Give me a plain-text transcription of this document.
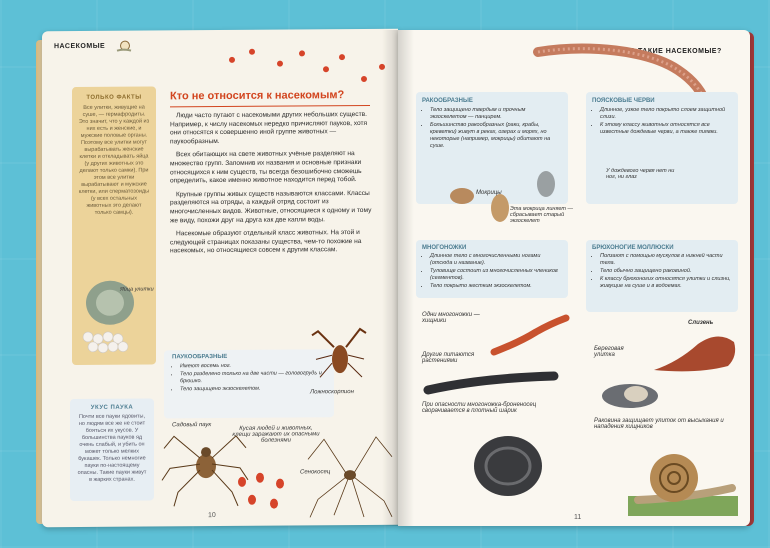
НАСЕКОМЫЕ
Кто не относится к насекомым?

Люди часто путают с насекомыми других небольших существ. Например, к числу насекомых нередко причисляют пауков, хотя они относятся к совершенно иной группе животных — паукообразным.

Всех обитающих на свете животных учёные разделяют на множество групп. Запомнив их названия и основные признаки относящихся к ним существ, ты всегда безошибочно сможешь определить, какое именно животное находится перед тобой.

Крупные группы живых существ называются классами. Классы разделяются на отряды, а каждый отряд состоит из многочисленных видов. Животные, относящиеся к одному и тому же виду, похожи друг на друга как две капли воды.

Насекомые образуют отдельный класс животных. На этой и следующей страницах показаны существа, чем-то похожие на насекомых, но относящиеся совсем к другим классам.

ТОЛЬКО ФАКТЫ
Все улитки, живущие на суше, — гермафродиты. Это значит, что у каждой из них есть и женские, и мужские половые органы. Поэтому все улитки могут вырабатывать женские клетки и откладывать яйца (у других животных это делают только самки). При этом все улитки вырабатывают и мужские клетки, или сперматозоиды (у всех остальных животных это делают только самцы).
Яйца улитки
УКУС ПАУКА
Почти все пауки ядовиты, но людям все же не стоит бояться их укусов. У большинства пауков яд очень слабый, и убить он может только мелких букашек. Только немногие пауки по-настоящему опасны. Такие пауки живут в жарких странах.
ПАУКООБРАЗНЫЕ
• Имеют восемь ног.
• Тело разделено только на две части — головогрудь и брюшко.
• Тело защищено экзоскелетом.	Ложноскорпион
Садовый паук
Кусая людей и животных, клещи заражают их опасными болезнями
Сенокосец
10
КТО ТАКИЕ НАСЕКОМЫЕ?
РАКООБРАЗНЫЕ
• Тело защищено твердым и прочным экзоскелетом — панцирем.
• Большинство ракообразных (раки, крабы, креветки) живут в реках, озерах и морях, но некоторые (например, мокрицы) обитают на суше.
Мокрицы
Эта мокрица линяет — сбрасывает старый экзоскелет
ПОЯСКОВЫЕ ЧЕРВИ
• Длинное, узкое тело покрыто слоем защитной слизи.
• К этому классу животных относятся все известные дождевые черви, а также пиявки.
У дождевого червя нет ни ног, ни глаз
МНОГОНОЖКИ
• Длинное тело с многочисленными ногами (отсюда и название).
• Туловище состоит из многочисленных члеников (сегментов).
• Тело покрыто жестким экзоскелетом.
Одни многоножки — хищники
Другие питаются растениями
При опасности многоножка-броненосец сворачивается в плотный шарик
БРЮХОНОГИЕ МОЛЛЮСКИ
• Ползают с помощью мускулов в нижней части тела.
• Тело обычно защищено раковиной.
• К классу брюхоногих относятся улитки и слизни, живущие на суше и в водоемах.
Слизень
Береговая улитка
Раковина защищает улиток от высыхания и нападения хищников
11
